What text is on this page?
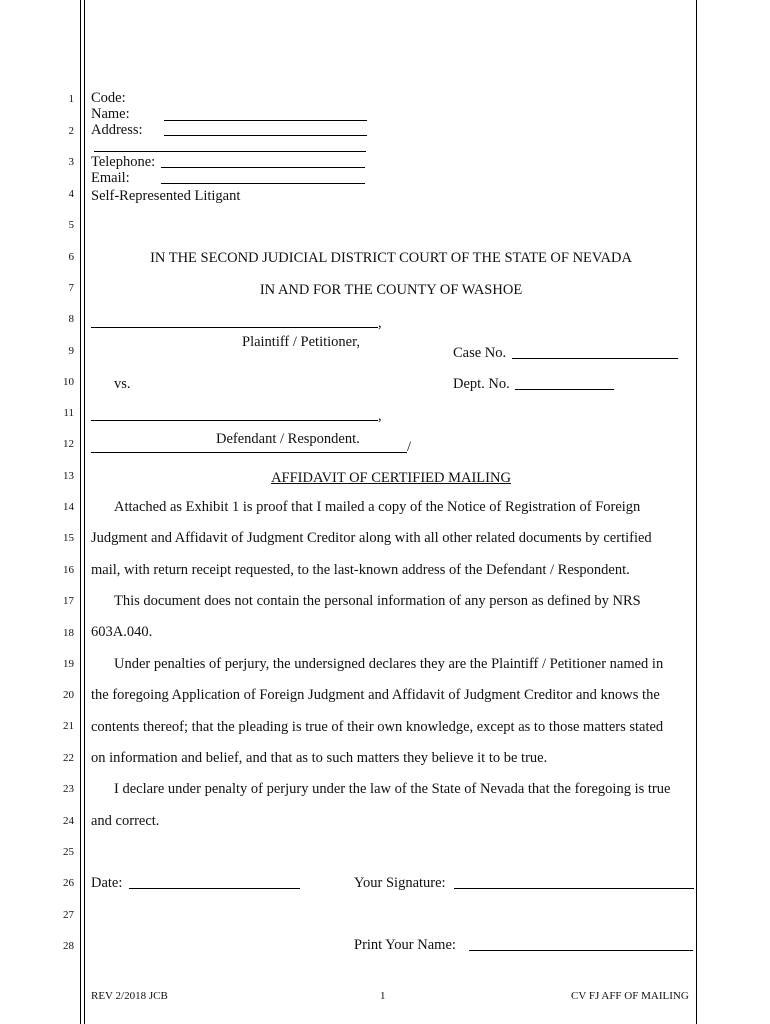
1
2
3
4
5
6
7
8
9
10
11
12
13
14
15
16
17
18
19
20
21
22
23
24
25
26
27
28
Code:
Name:
Address:
Telephone:
Email:
Self-Represented Litigant
IN THE SECOND JUDICIAL DISTRICT COURT OF THE STATE OF NEVADA
IN AND FOR THE COUNTY OF WASHOE
,
Plaintiff / Petitioner,
Case No.
vs.	Dept. No.
,
Defendant / Respondent.	/
AFFIDAVIT OF CERTIFIED MAILING
Attached as Exhibit 1 is proof that I mailed a copy of the Notice of Registration of Foreign
Judgment and Affidavit of Judgment Creditor along with all other related documents by certified
mail, with return receipt requested, to the last-known address of the Defendant / Respondent.
This document does not contain the personal information of any person as defined by NRS
603A.040.
Under penalties of perjury, the undersigned declares they are the Plaintiff / Petitioner named in
the foregoing Application of Foreign Judgment and Affidavit of Judgment Creditor and knows the
contents thereof; that the pleading is true of their own knowledge, except as to those matters stated
on information and belief, and that as to such matters they believe it to be true.
I declare under penalty of perjury under the law of the State of Nevada that the foregoing is true
and correct.
Date:	Your Signature:
Print Your Name:
REV 2/2018 JCB	1	CV FJ AFF OF MAILING
